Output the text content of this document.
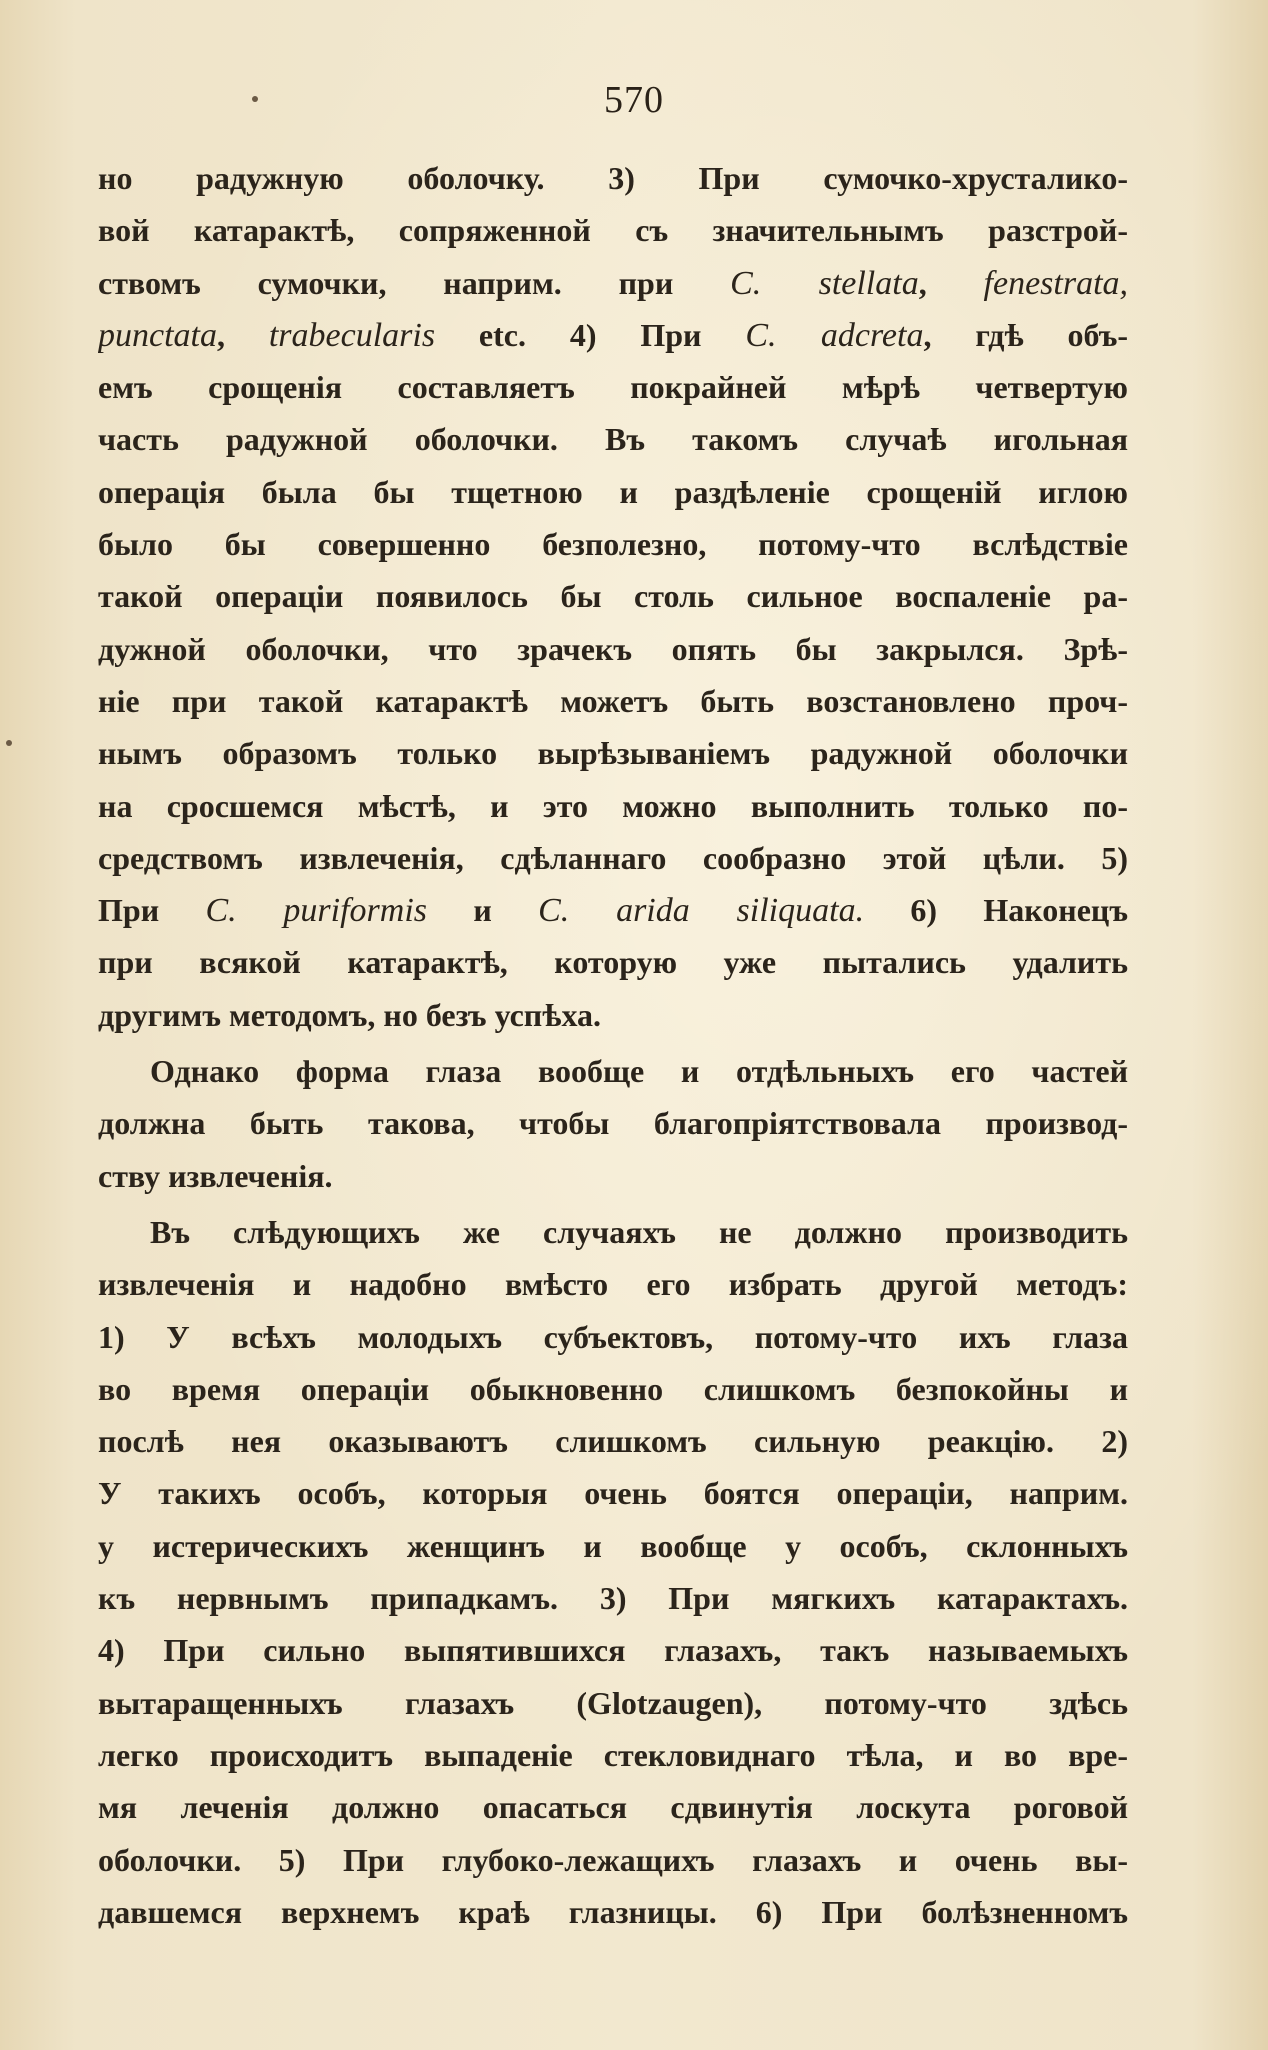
570
но радужную оболочку. 3) При сумочко-хрусталико-
вой катарактѣ, сопряженной съ значительнымъ разстрой-
ствомъ сумочки, наприм. при C. stellata, fenestrata,
punctata, trabecularis etc. 4) При C. adcreta, гдѣ объ-
емъ срощенія составляетъ покрайней мѣрѣ четвертую
часть радужной оболочки. Въ такомъ случаѣ игольная
операція была бы тщетною и раздѣленіе срощеній иглою
было бы совершенно безполезно, потому-что вслѣдствіе
такой операціи появилось бы столь сильное воспаленіе ра-
дужной оболочки, что зрачекъ опять бы закрылся. Зрѣ-
ніе при такой катарактѣ можетъ быть возстановлено проч-
нымъ образомъ только вырѣзываніемъ радужной оболочки
на сросшемся мѣстѣ, и это можно выполнить только по-
средствомъ извлеченія, сдѣланнаго сообразно этой цѣли. 5)
При C. puriformis и C. arida siliquata. 6) Наконецъ
при всякой катарактѣ, которую уже пытались удалить
другимъ методомъ, но безъ успѣха.
Однако форма глаза вообще и отдѣльныхъ его частей
должна быть такова, чтобы благопріятствовала производ-
ству извлеченія.
Въ слѣдующихъ же случаяхъ не должно производить
извлеченія и надобно вмѣсто его избрать другой методъ:
1) У всѣхъ молодыхъ субъектовъ, потому-что ихъ глаза
во время операціи обыкновенно слишкомъ безпокойны и
послѣ нея оказываютъ слишкомъ сильную реакцію. 2)
У такихъ особъ, которыя очень боятся операціи, наприм.
у истерическихъ женщинъ и вообще у особъ, склонныхъ
къ нервнымъ припадкамъ. 3) При мягкихъ катарактахъ.
4) При сильно выпятившихся глазахъ, такъ называемыхъ
вытаращенныхъ глазахъ (Glotzaugen), потому-что здѣсь
легко происходитъ выпаденіе стекловиднаго тѣла, и во вре-
мя леченія должно опасаться сдвинутія лоскута роговой
оболочки. 5) При глубоко-лежащихъ глазахъ и очень вы-
давшемся верхнемъ краѣ глазницы. 6) При болѣзненномъ
